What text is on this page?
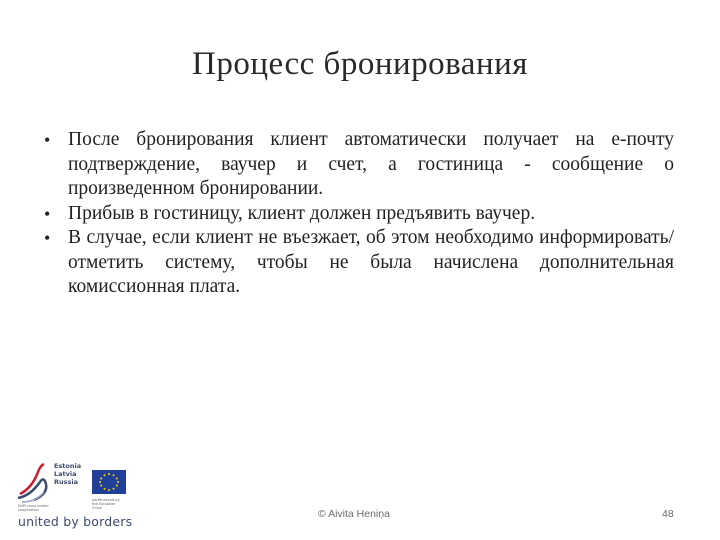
Процесс бронирования
• После бронирования клиент автоматически получает на e-почту подтверждение, ваучер и счет, а гостиница - сообщение о произведенном бронировании.
• Прибыв в гостиницу, клиент должен предъявить ваучер.
• В случае, если клиент не въезжает, об этом необходимо информировать/отметить систему, чтобы не была начислена дополнительная комиссионная плата.
Estonia
Latvia
Russia
ENPI cross-border cooperation
partfinanced by the European Union
united by borders	© Aivita Heniņa	48
